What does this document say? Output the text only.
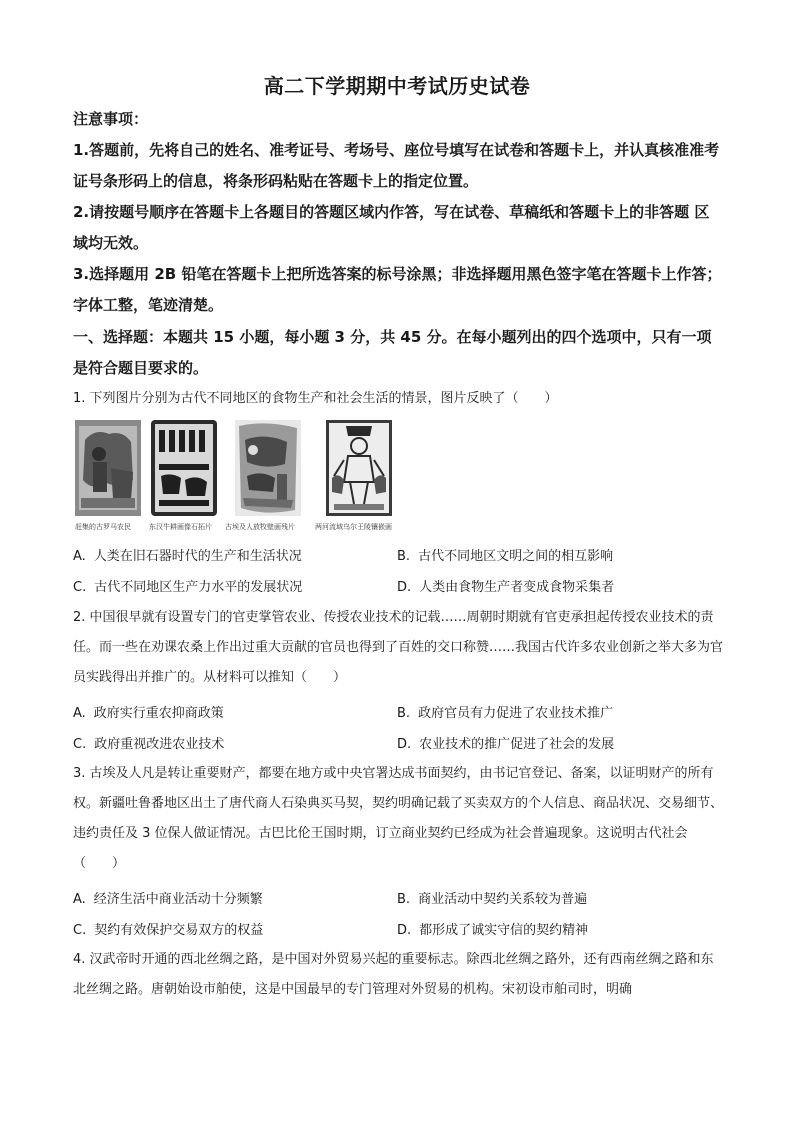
高二下学期期中考试历史试卷
注意事项：

1.答题前，先将自己的姓名、准考证号、考场号、座位号填写在试卷和答题卡上，并认真核准准考 证号条形码上的信息，将条形码粘贴在答题卡上的指定位置。

2.请按题号顺序在答题卡上各题目的答题区域内作答，写在试卷、草稿纸和答题卡上的非答题 区域均无效。

3.选择题用 2B 铅笔在答题卡上把所选答案的标号涂黑；非选择题用黑色签字笔在答题卡上作答；字体工整，笔迹清楚。

一、选择题：本题共 15 小题，每小题 3 分，共 45 分。在每小题列出的四个选项中，只有一项是符合题目要求的。

1. 下列图片分别为古代不同地区的食物生产和社会生活的情景，图片反映了（　　）

赶集的古罗马农民	东汉牛耕画像石拓片 古埃及人放牧壁画残片	两河流域乌尔王陵镶嵌画
A. 人类在旧石器时代的生产和生活状况	B. 古代不同地区文明之间的相互影响
C. 古代不同地区生产力水平的发展状况	D. 人类由食物生产者变成食物采集者

2. 中国很早就有设置专门的官吏掌管农业、传授农业技术的记载……周朝时期就有官吏承担起传授农业技术的责任。而一些在劝课农桑上作出过重大贡献的官员也得到了百姓的交口称赞……我国古代许多农业创新之举大多为官员实践得出并推广的。从材料可以推知（　　）

A. 政府实行重农抑商政策	B. 政府官员有力促进了农业技术推广
C. 政府重视改进农业技术	D. 农业技术的推广促进了社会的发展

3. 古埃及人凡是转让重要财产，都要在地方或中央官署达成书面契约，由书记官登记、备案，以证明财产的所有权。新疆吐鲁番地区出土了唐代商人石染典买马契，契约明确记载了买卖双方的个人信息、商品状况、交易细节、违约责任及 3 位保人做证情况。古巴比伦王国时期，订立商业契约已经成为社会普遍现象。这说明古代社会（　　）

A. 经济生活中商业活动十分频繁	B. 商业活动中契约关系较为普遍
C. 契约有效保护交易双方的权益	D. 都形成了诚实守信的契约精神

4. 汉武帝时开通的西北丝绸之路，是中国对外贸易兴起的重要标志。除西北丝绸之路外，还有西南丝绸之路和东北丝绸之路。唐朝始设市舶使，这是中国最早的专门管理对外贸易的机构。宋初设市舶司时，明确
